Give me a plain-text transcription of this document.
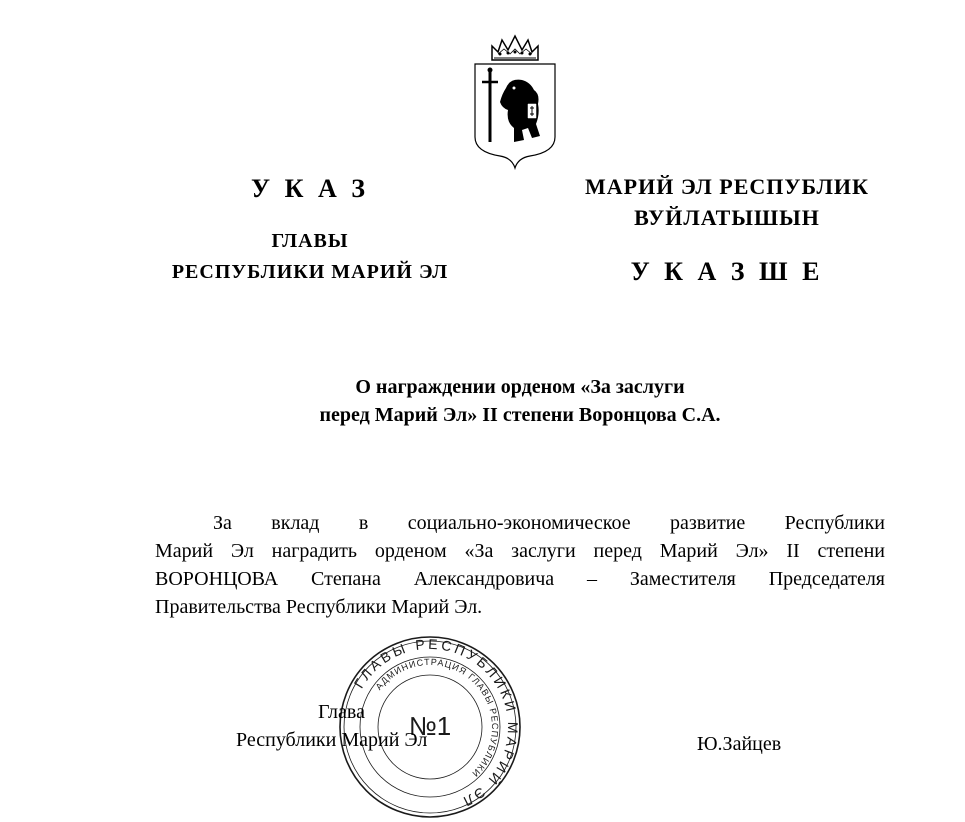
У К А З
ГЛАВЫ
РЕСПУБЛИКИ МАРИЙ ЭЛ
МАРИЙ ЭЛ РЕСПУБЛИК
ВУЙЛАТЫШЫН
У К А З Ш Е
О награждении орденом «За заслуги
перед Марий Эл» II степени Воронцова С.А.
За вклад в социально-экономическое развитие Республики
Марий Эл наградить орденом «За заслуги перед Марий Эл» II степени
ВОРОНЦОВА Степана Александровича – Заместителя Председателя
Правительства Республики Марий Эл.
ГЛАВЫ РЕСПУБЛИКИ МАРИЙ ЭЛ
АДМИНИСТРАЦИЯ ГЛАВЫ РЕСПУБЛИКИ
№1
Глава
Республики Марий Эл	Ю.Зайцев
